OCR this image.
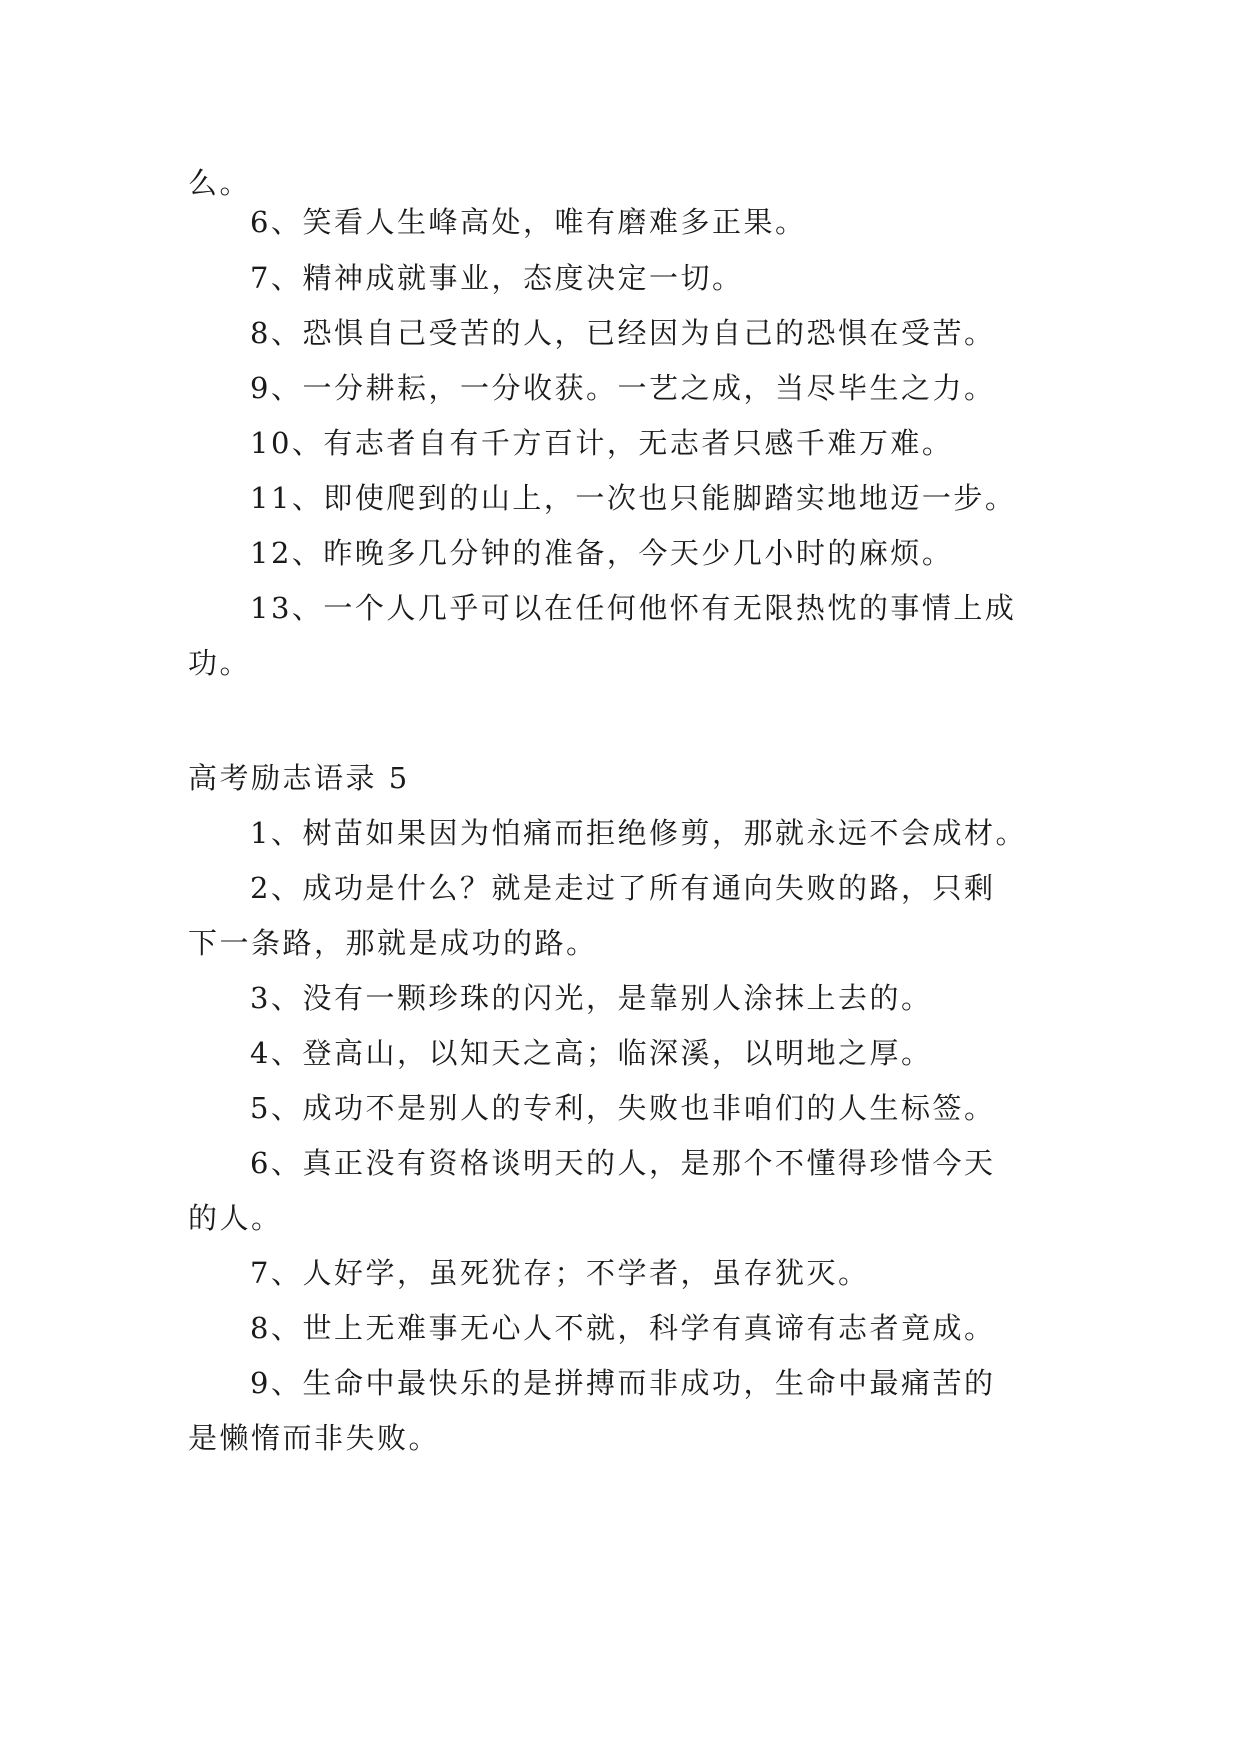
么。
6、笑看人生峰高处，唯有磨难多正果。
7、精神成就事业，态度决定一切。
8、恐惧自己受苦的人，已经因为自己的恐惧在受苦。
9、一分耕耘，一分收获。一艺之成，当尽毕生之力。
10、有志者自有千方百计，无志者只感千难万难。
11、即使爬到的山上，一次也只能脚踏实地地迈一步。
12、昨晚多几分钟的准备，今天少几小时的麻烦。
13、一个人几乎可以在任何他怀有无限热忱的事情上成
功。
高考励志语录 5
1、树苗如果因为怕痛而拒绝修剪，那就永远不会成材。
2、成功是什么？就是走过了所有通向失败的路，只剩
下一条路，那就是成功的路。
3、没有一颗珍珠的闪光，是靠别人涂抹上去的。
4、登高山，以知天之高；临深溪，以明地之厚。
5、成功不是别人的专利，失败也非咱们的人生标签。
6、真正没有资格谈明天的人，是那个不懂得珍惜今天
的人。
7、人好学，虽死犹存；不学者，虽存犹灭。
8、世上无难事无心人不就，科学有真谛有志者竟成。
9、生命中最快乐的是拼搏而非成功，生命中最痛苦的
是懒惰而非失败。
